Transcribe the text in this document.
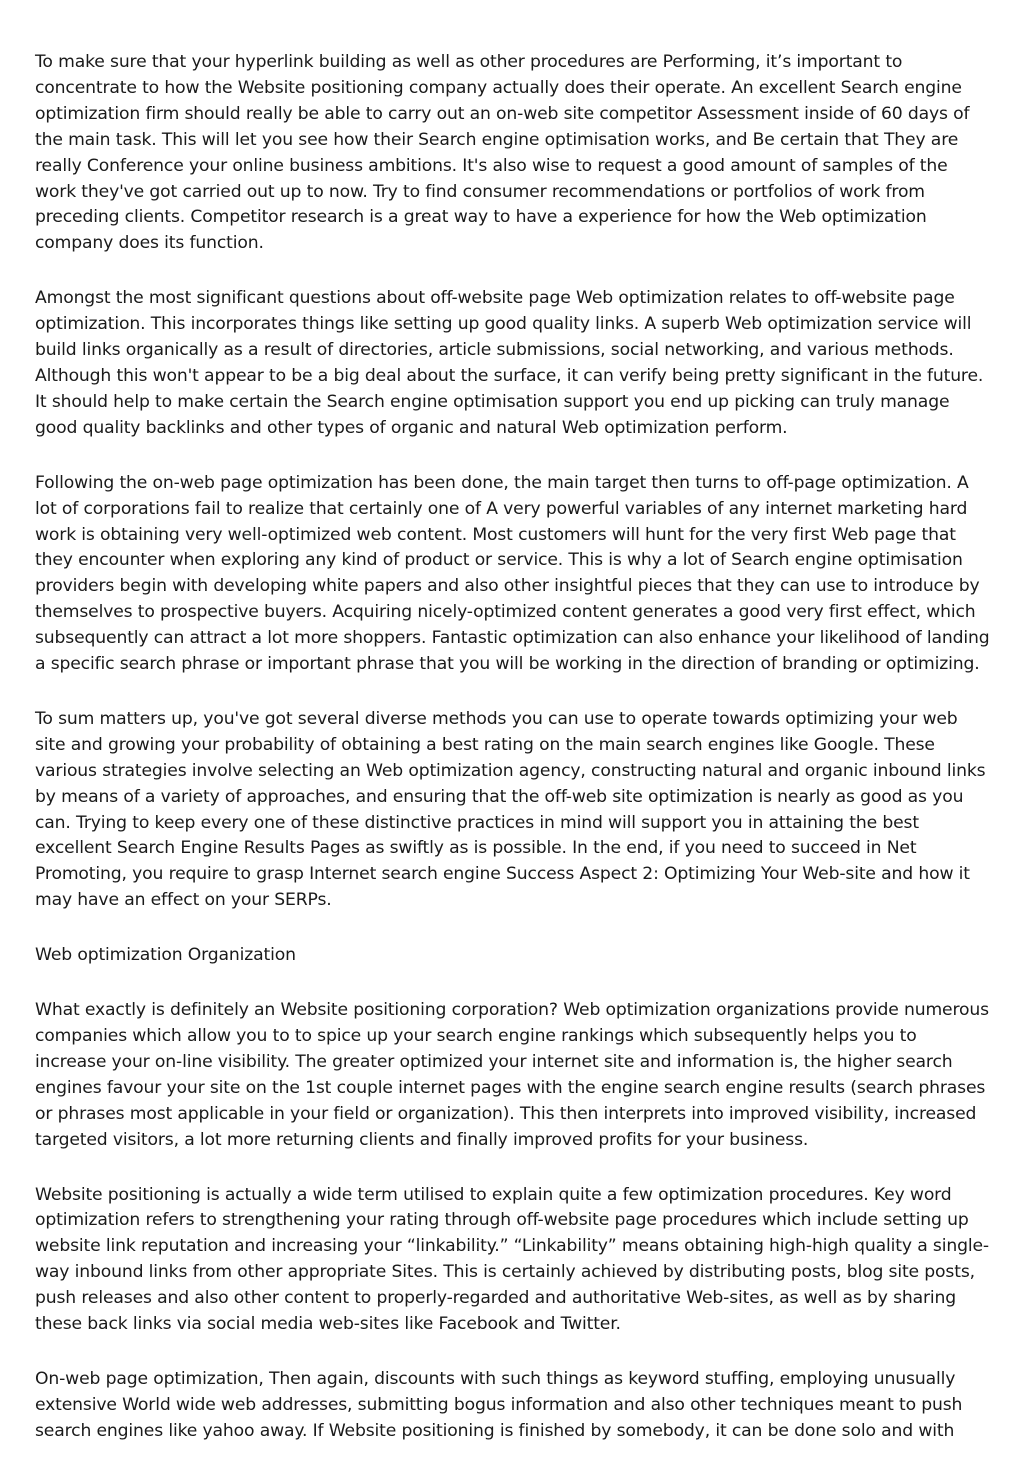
To make sure that your hyperlink building as well as other procedures are Performing, it’s important to concentrate to how the Website positioning company actually does their operate. An excellent Search engine optimization firm should really be able to carry out an on-web site competitor Assessment inside of 60 days of the main task. This will let you see how their Search engine optimisation works, and Be certain that They are really Conference your online business ambitions. It's also wise to request a good amount of samples of the work they've got carried out up to now. Try to find consumer recommendations or portfolios of work from preceding clients. Competitor research is a great way to have a experience for how the Web optimization company does its function.

Amongst the most significant questions about off-website page Web optimization relates to off-website page optimization. This incorporates things like setting up good quality links. A superb Web optimization service will build links organically as a result of directories, article submissions, social networking, and various methods. Although this won't appear to be a big deal about the surface, it can verify being pretty significant in the future. It should help to make certain the Search engine optimisation support you end up picking can truly manage good quality backlinks and other types of organic and natural Web optimization perform.

Following the on-web page optimization has been done, the main target then turns to off-page optimization. A lot of corporations fail to realize that certainly one of A very powerful variables of any internet marketing hard work is obtaining very well-optimized web content. Most customers will hunt for the very first Web page that they encounter when exploring any kind of product or service. This is why a lot of Search engine optimisation providers begin with developing white papers and also other insightful pieces that they can use to introduce by themselves to prospective buyers. Acquiring nicely-optimized content generates a good very first effect, which subsequently can attract a lot more shoppers. Fantastic optimization can also enhance your likelihood of landing a specific search phrase or important phrase that you will be working in the direction of branding or optimizing.

To sum matters up, you've got several diverse methods you can use to operate towards optimizing your web site and growing your probability of obtaining a best rating on the main search engines like Google. These various strategies involve selecting an Web optimization agency, constructing natural and organic inbound links by means of a variety of approaches, and ensuring that the off-web site optimization is nearly as good as you can. Trying to keep every one of these distinctive practices in mind will support you in attaining the best excellent Search Engine Results Pages as swiftly as is possible. In the end, if you need to succeed in Net Promoting, you require to grasp Internet search engine Success Aspect 2: Optimizing Your Web-site and how it may have an effect on your SERPs.

Web optimization Organization

What exactly is definitely an Website positioning corporation? Web optimization organizations provide numerous companies which allow you to to spice up your search engine rankings which subsequently helps you to increase your on-line visibility. The greater optimized your internet site and information is, the higher search engines favour your site on the 1st couple internet pages with the engine search engine results (search phrases or phrases most applicable in your field or organization). This then interprets into improved visibility, increased targeted visitors, a lot more returning clients and finally improved profits for your business.

Website positioning is actually a wide term utilised to explain quite a few optimization procedures. Key word optimization refers to strengthening your rating through off-website page procedures which include setting up website link reputation and increasing your “linkability.” “Linkability” means obtaining high-high quality a single-way inbound links from other appropriate Sites. This is certainly achieved by distributing posts, blog site posts, push releases and also other content to properly-regarded and authoritative Web-sites, as well as by sharing these back links via social media web-sites like Facebook and Twitter.

On-web page optimization, Then again, discounts with such things as keyword stuffing, employing unusually extensive World wide web addresses, submitting bogus information and also other techniques meant to push search engines like yahoo away. If Website positioning is finished by somebody, it can be done solo and with
